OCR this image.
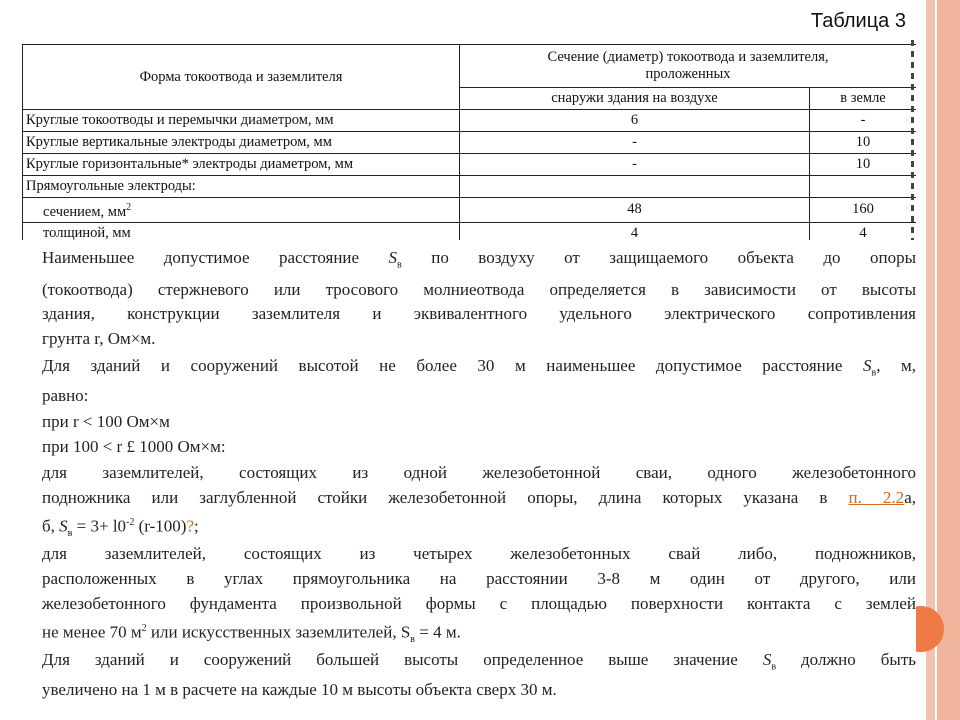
Таблица 3
Форма токоотвода и заземлителя	Сечение (диаметр) токоотвода и заземлителя,
проложенных	
	снаружи здания на воздухе	в земле
Круглые токоотводы и перемычки диаметром, мм	6	-
Круглые вертикальные электроды диаметром, мм	-	10
Круглые горизонтальные* электроды диаметром, мм	-	10
Прямоугольные электроды:		
сечением, $мм^2$	48	160
толщиной, мм	4	4
Наименьшее допустимое расстояние $S_в$ по воздуху от защищаемого объекта до опоры
(токоотвода) стержневого или тросового молниеотвода определяется в зависимости от высоты
здания, конструкции заземлителя и эквивалентного удельного электрического сопротивления
грунта r, Ом×м.
Для зданий и сооружений высотой не более 30 м наименьшее допустимое расстояние $S_в$, м,
равно:
при r < 100 Ом×м
при 100 < r £ 1000 Ом×м:
для заземлителей, состоящих из одной железобетонной сваи, одного железобетонного
подножника или заглубленной стойки железобетонной опоры, длина которых указана в п. 2.2а,
б, $S_в = 3+ l0^{-2}$ (r-100)?;
для заземлителей, состоящих из четырех железобетонных свай либо, подножников,
расположенных в углах прямоугольника на расстоянии 3-8 м один от другого, или
железобетонного фундамента произвольной формы с площадью поверхности контакта с землей
не менее 70 $м^2$ или искусственных заземлителей, $S_в = 4$ м.
Для зданий и сооружений большей высоты определенное выше значение $S_в$ должно быть
увеличено на 1 м в расчете на каждые 10 м высоты объекта сверх 30 м.
